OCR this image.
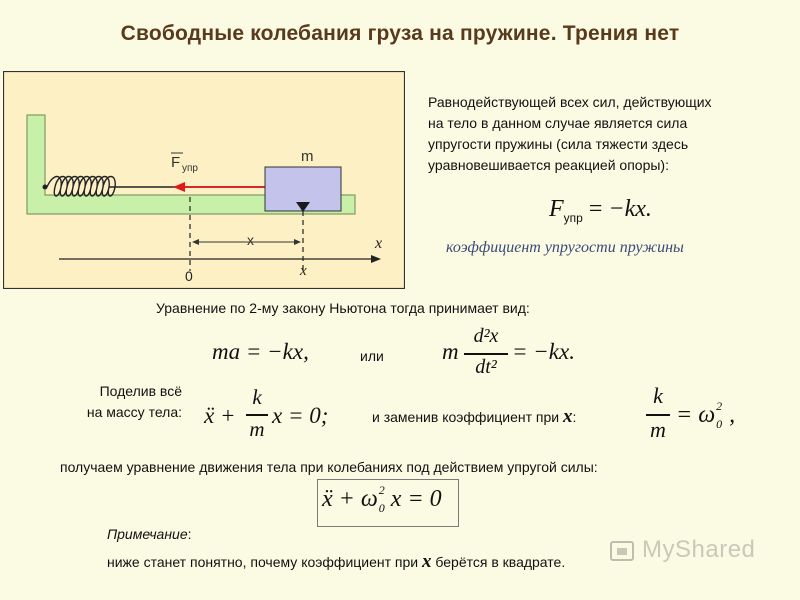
Свободные колебания груза на пружине. Трения нет
F упр
m
x	x
0	x
Равнодействующей всех сил, действующих
на тело в данном случае является сила
упругости пружины (сила тяжести здесь
уравновешивается реакцией опоры):
$F_{упр} = -kx$.
коэффициент упругости пружины
Уравнение по 2-му закону Ньютона тогда принимает вид:
ma = −kx,	или	m
d²x
dt²
= −kx.
Поделив всё
на массу тела: ẍ +
k
m
x = 0;	и заменив коэффициент при x:
k
m
= ω 2
0 ,
получаем уравнение движения тела при колебаниях под действием упругой силы:
ẍ + ω 2
0 x = 0
Примечание:
ниже станет понятно, почему коэффициент при x берётся в квадрате.	MyShared
